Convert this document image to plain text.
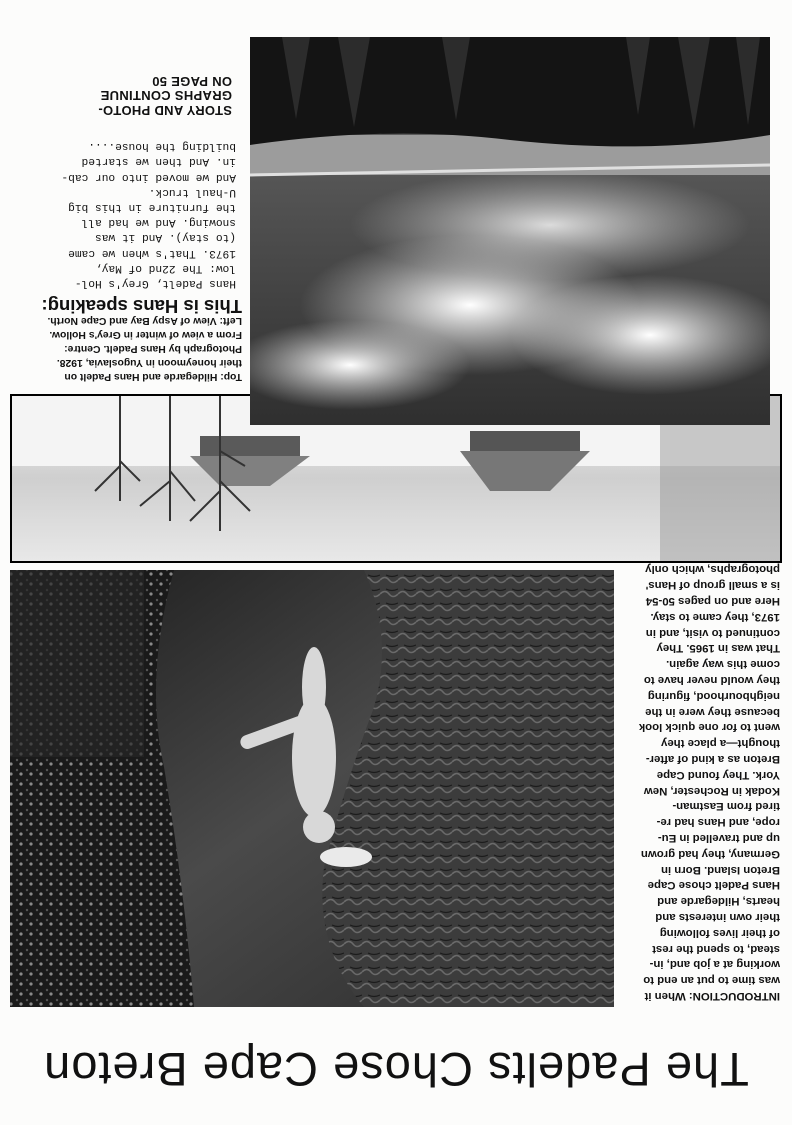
The Padelts Chose Cape Breton

INTRODUCTION: When it

was time to put an end to

working at a job and, in-

stead, to spend the rest

of their lives following

their own interests and

hearts, Hildegarde and

Hans Padelt chose Cape

Breton Island. Born in

Germany, they had grown

up and travelled in Eu-

rope, and Hans had re-

tired from Eastman-

Kodak in Rochester, New

York. They found Cape

Breton as a kind of after-

thought—a place they

went to for one quick look

because they were in the

neighbourhood, figuring

they would never have to

come this way again.

That was in 1965. They

continued to visit, and in

1973, they came to stay.

Here and on pages 50-54

is a small group of Hans'

photographs, which only

Top: Hildegarde and Hans Padelt on

their honeymoon in Yugoslavia, 1928.

Photograph by Hans Padelt. Centre:

From a view of winter in Grey's Hollow.

Left: View of Aspy Bay and Cape North.

This is Hans speaking:

Hans Padelt, Grey's Hol-

low: The 22nd of May,

1973. That's when we came

(to stay). And it was

snowing. And we had all

the furniture in this big

U-haul truck.

And we moved into our cab-

in. And then we started

building the house....

STORY AND PHOTO-

GRAPHS CONTINUE

ON PAGE 50
